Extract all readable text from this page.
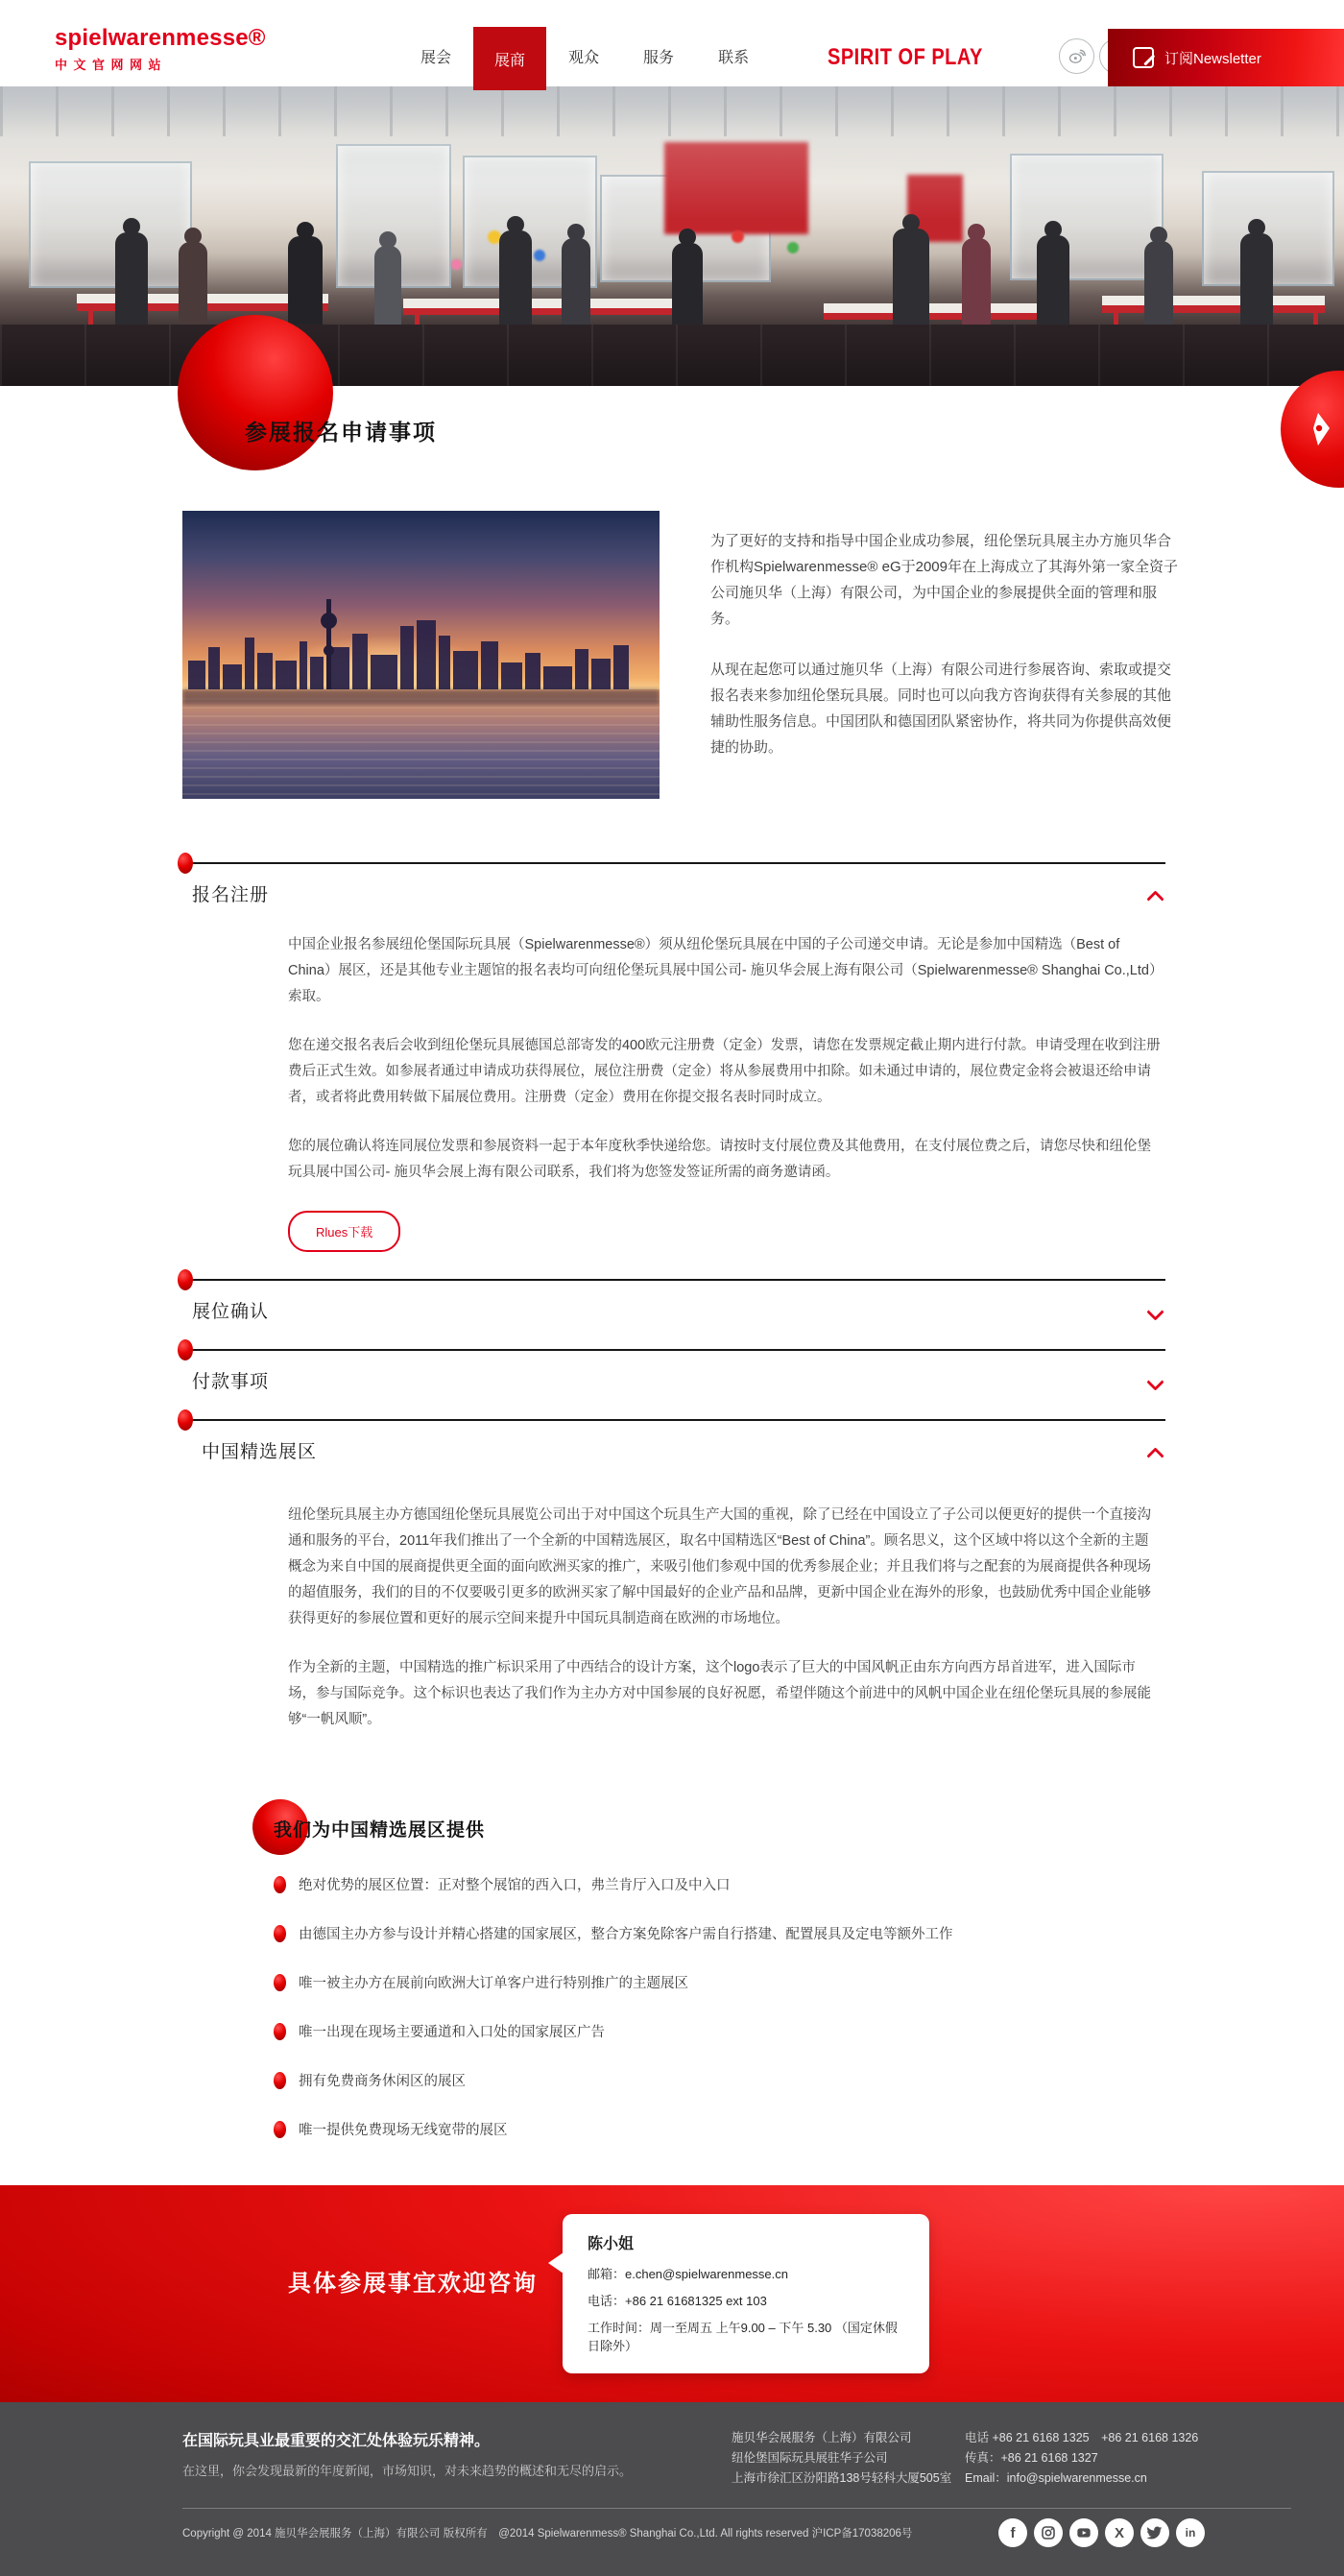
spielwarenmesse®
中文官网网站	展会	展商	观众	服务	联系	SPIRIT OF PLAY	订阅Newsletter
参展报名申请事项

为了更好的支持和指导中国企业成功参展，纽伦堡玩具展主办方施贝华合作机构Spielwarenmesse® eG于2009年在上海成立了其海外第一家全资子公司施贝华（上海）有限公司，为中国企业的参展提供全面的管理和服务。

从现在起您可以通过施贝华（上海）有限公司进行参展咨询、索取或提交报名表来参加纽伦堡玩具展。同时也可以向我方咨询获得有关参展的其他辅助性服务信息。中国团队和德国团队紧密协作，将共同为你提供高效便捷的协助。

报名注册

中国企业报名参展纽伦堡国际玩具展（Spielwarenmesse®）须从纽伦堡玩具展在中国的子公司递交申请。无论是参加中国精选（Best of China）展区，还是其他专业主题馆的报名表均可向纽伦堡玩具展中国公司- 施贝华会展上海有限公司（Spielwarenmesse® Shanghai Co.,Ltd）索取。

您在递交报名表后会收到纽伦堡玩具展德国总部寄发的400欧元注册费（定金）发票，请您在发票规定截止期内进行付款。申请受理在收到注册费后正式生效。如参展者通过申请成功获得展位，展位注册费（定金）将从参展费用中扣除。如未通过申请的，展位费定金将会被退还给申请者，或者将此费用转做下届展位费用。注册费（定金）费用在你提交报名表时同时成立。

您的展位确认将连同展位发票和参展资料一起于本年度秋季快递给您。请按时支付展位费及其他费用，在支付展位费之后，请您尽快和纽伦堡玩具展中国公司- 施贝华会展上海有限公司联系，我们将为您签发签证所需的商务邀请函。

Rlues下载
展位确认
付款事项
中国精选展区

纽伦堡玩具展主办方德国纽伦堡玩具展览公司出于对中国这个玩具生产大国的重视，除了已经在中国设立了子公司以便更好的提供一个直接沟通和服务的平台，2011年我们推出了一个全新的中国精选展区，取名中国精选区“Best of China”。顾名思义，这个区域中将以这个全新的主题概念为来自中国的展商提供更全面的面向欧洲买家的推广，来吸引他们参观中国的优秀参展企业；并且我们将与之配套的为展商提供各种现场的超值服务，我们的目的不仅要吸引更多的欧洲买家了解中国最好的企业产品和品牌，更新中国企业在海外的形象，也鼓励优秀中国企业能够获得更好的参展位置和更好的展示空间来提升中国玩具制造商在欧洲的市场地位。

作为全新的主题，中国精选的推广标识采用了中西结合的设计方案，这个logo表示了巨大的中国风帆正由东方向西方昂首进军，进入国际市场，参与国际竞争。这个标识也表达了我们作为主办方对中国参展的良好祝愿，希望伴随这个前进中的风帆中国企业在纽伦堡玩具展的参展能够“一帆风顺”。

我们为中国精选展区提供
绝对优势的展区位置：正对整个展馆的西入口，弗兰肯厅入口及中入口
由德国主办方参与设计并精心搭建的国家展区，整合方案免除客户需自行搭建、配置展具及定电等额外工作
唯一被主办方在展前向欧洲大订单客户进行特别推广的主题展区
唯一出现在现场主要通道和入口处的国家展区广告
拥有免费商务休闲区的展区
唯一提供免费现场无线宽带的展区
具体参展事宜欢迎咨询
陈小姐
邮箱：e.chen@spielwarenmesse.cn
电话：+86 21 61681325 ext 103
工作时间：周一至周五 上午9.00 – 下午 5.30 （国定休假日除外）
在国际玩具业最重要的交汇处体验玩乐精神。
在这里，你会发现最新的年度新闻，市场知识，对未来趋势的概述和无尽的启示。
施贝华会展服务（上海）有限公司
纽伦堡国际玩具展驻华子公司
上海市徐汇区汾阳路138号轻科大厦505室
电话 +86 21 6168 1325　+86 21 6168 1326
传真：+86 21 6168 1327
Email：info@spielwarenmesse.cn
Copyright @ 2014 施贝华会展服务（上海）有限公司 版权所有　@2014 Spielwarenmess® Shanghai Co.,Ltd. All rights reserved 沪ICP备17038206号	f	X	in
